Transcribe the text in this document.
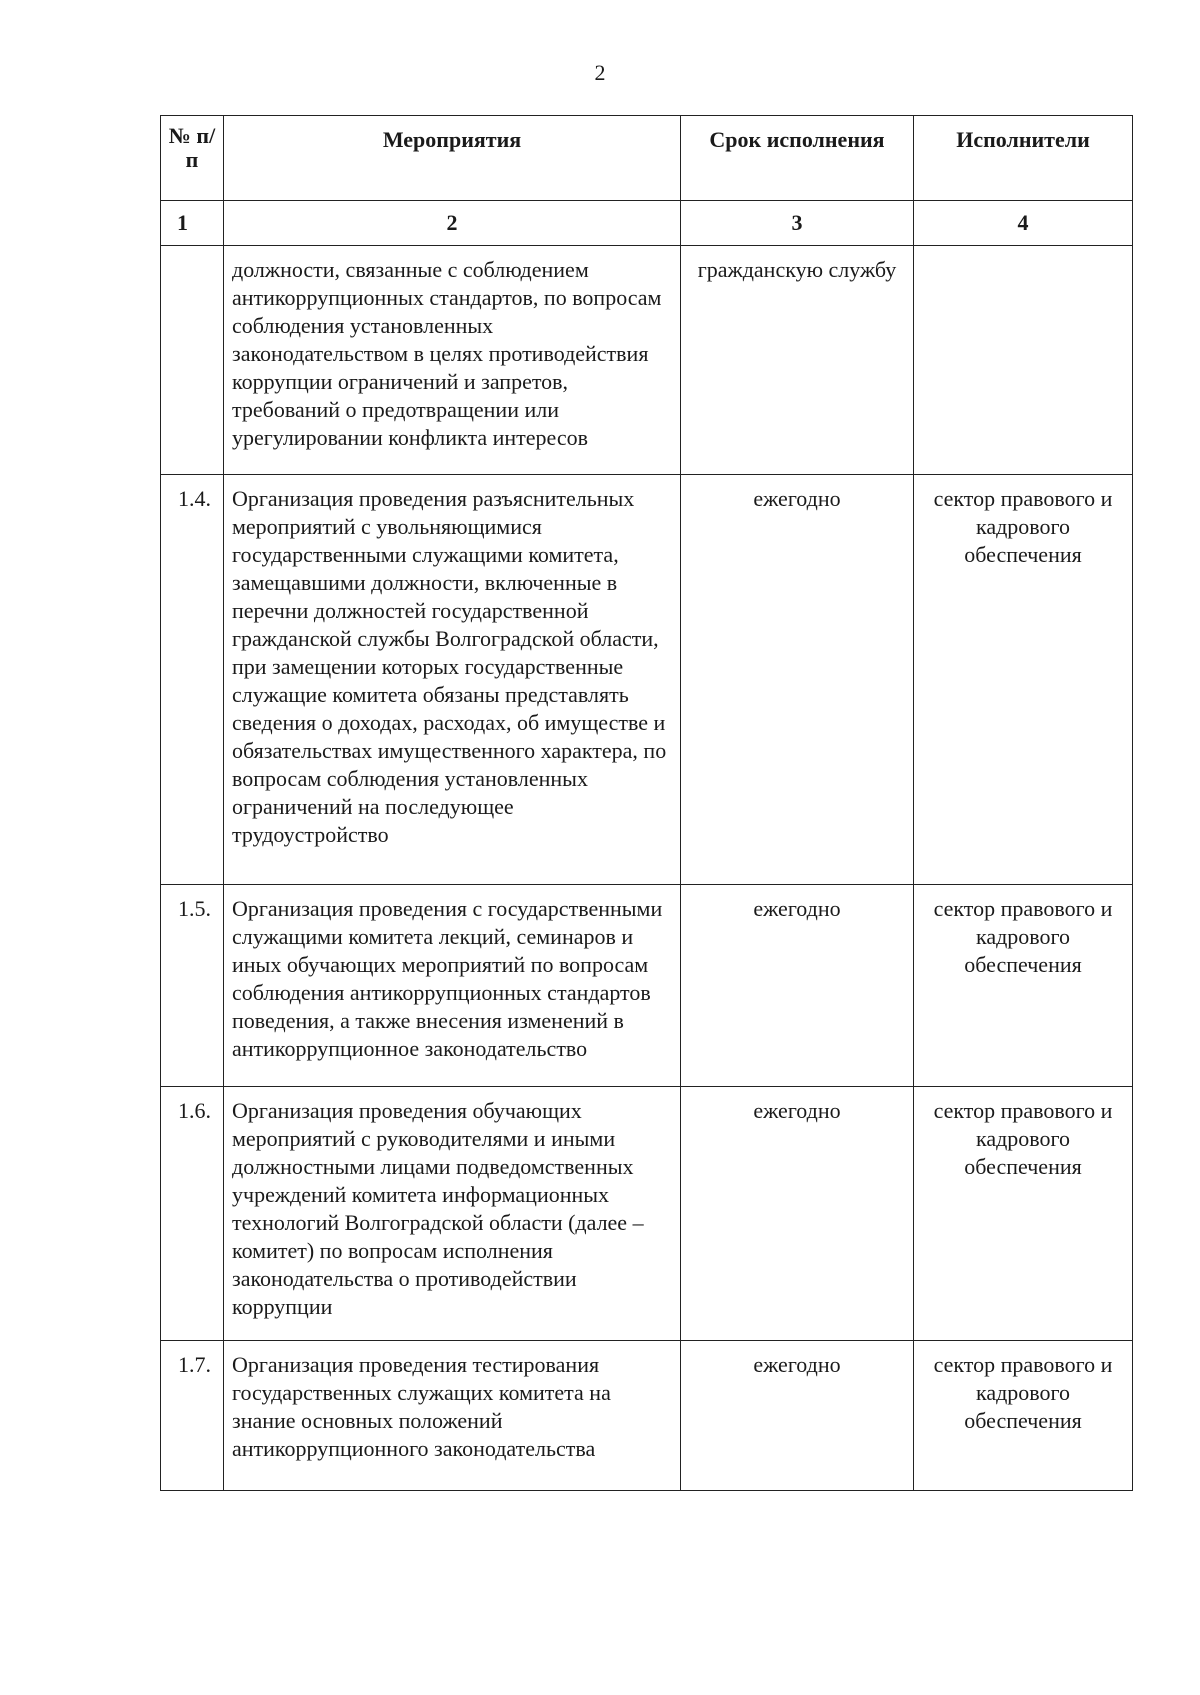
2
№ п/п	Мероприятия	Срок исполнения	Исполнители
1	2	3	4
	должности, связанные с соблюдением антикоррупционных стандартов, по вопросам соблюдения установленных законодательством в целях противодействия коррупции ограничений и запретов, требований о предотвращении или урегулировании конфликта интересов	гражданскую службу	
1.4.	Организация проведения разъяснительных мероприятий с увольняющимися государственными служащими комитета, замещавшими должности, включенные в перечни должностей государственной гражданской службы Волгоградской области, при замещении которых государственные служащие комитета обязаны представлять сведения о доходах, расходах, об имуществе и обязательствах имущественного характера, по вопросам соблюдения установленных ограничений на последующее трудоустройство	ежегодно	сектор правового и кадрового обеспечения
1.5.	Организация проведения с государственными служащими комитета лекций, семинаров и иных обучающих мероприятий по вопросам соблюдения антикоррупционных стандартов поведения, а также внесения изменений в антикоррупционное законодательство	ежегодно	сектор правового и кадрового обеспечения
1.6.	Организация проведения обучающих мероприятий с руководителями и иными должностными лицами подведомственных учреждений комитета информационных технологий Волгоградской области (далее – комитет) по вопросам исполнения законодательства о противодействии коррупции	ежегодно	сектор правового и кадрового обеспечения
1.7.	Организация проведения тестирования государственных служащих комитета на знание основных положений антикоррупционного законодательства	ежегодно	сектор правового и кадрового обеспечения
